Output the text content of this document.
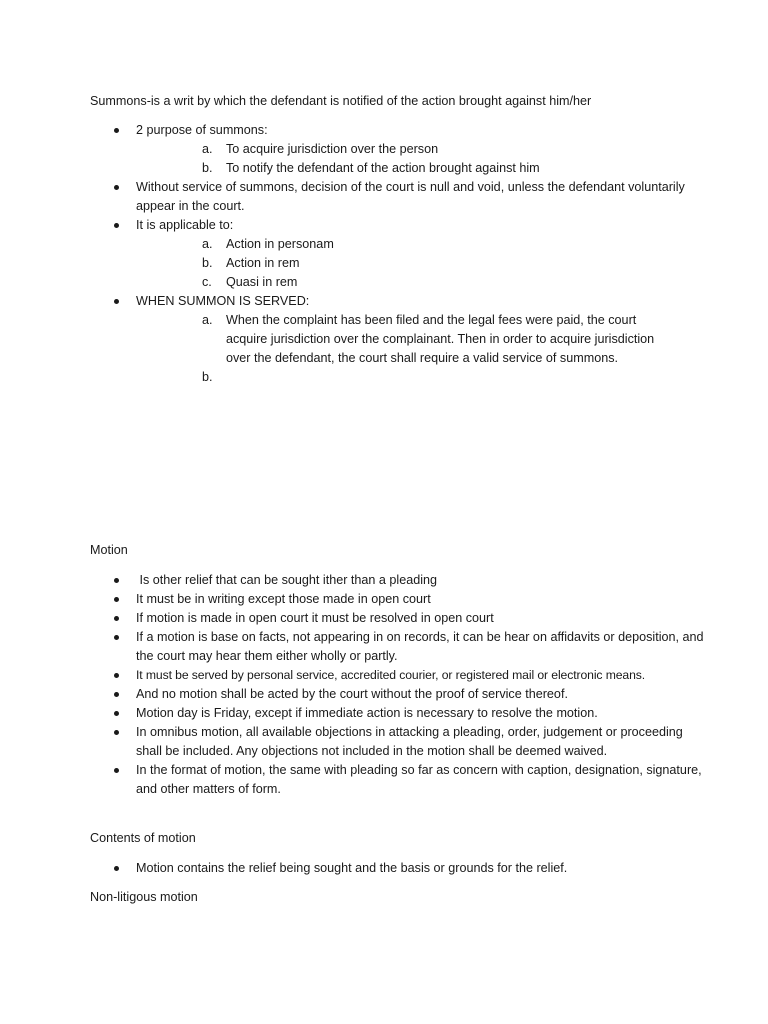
Summons-is a writ by which the defendant is notified of the action brought against him/her
2 purpose of summons:
a. To acquire jurisdiction over the person
b. To notify the defendant of the action brought against him
Without service of summons, decision of the court is null and void, unless the defendant voluntarily appear in the court.
It is applicable to:
a. Action in personam
b. Action in rem
c. Quasi in rem
WHEN SUMMON IS SERVED:
a. When the complaint has been filed and the legal fees were paid, the court acquire jurisdiction over the complainant. Then in order to acquire jurisdiction over the defendant, the court shall require a valid service of summons.
b.
Motion
Is other relief that can be sought ither than a pleading
It must be in writing except those made in open court
If motion is made in open court it must be resolved in open court
If a motion is base on facts, not appearing in on records, it can be hear on affidavits or deposition, and the court may hear them either wholly or partly.
It must be served by personal service, accredited courier, or registered mail or electronic means.
And no motion shall be acted by the court without the proof of service thereof.
Motion day is Friday, except if immediate action is necessary to resolve the motion.
In omnibus motion, all available objections in attacking a pleading, order, judgement or proceeding shall be included. Any objections not included in the motion shall be deemed waived.
In the format of motion, the same with pleading so far as concern with caption, designation, signature, and other matters of form.
Contents of motion
Motion contains the relief being sought and the basis or grounds for the relief.
Non-litigous motion
